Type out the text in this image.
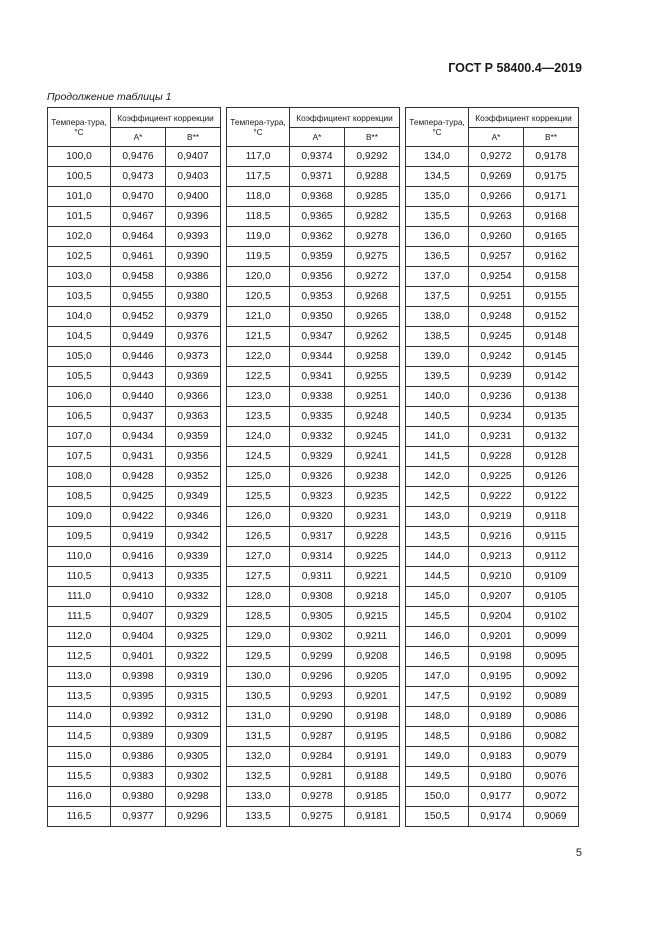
ГОСТ Р 58400.4—2019
Продолжение таблицы 1
Темпера-тура, °С	Коэффициент коррекции	
	A*	B**
100,0	0,9476	0,9407
100,5	0,9473	0,9403
101,0	0,9470	0,9400
101,5	0,9467	0,9396
102,0	0,9464	0,9393
102,5	0,9461	0,9390
103,0	0,9458	0,9386
103,5	0,9455	0,9380
104,0	0,9452	0,9379
104,5	0,9449	0,9376
105,0	0,9446	0,9373
105,5	0,9443	0,9369
106,0	0,9440	0,9366
106,5	0,9437	0,9363
107,0	0,9434	0,9359
107,5	0,9431	0,9356
108,0	0,9428	0,9352
108,5	0,9425	0,9349
109,0	0,9422	0,9346
109,5	0,9419	0,9342
110,0	0,9416	0,9339
110,5	0,9413	0,9335
111,0	0,9410	0,9332
111,5	0,9407	0,9329
112,0	0,9404	0,9325
112,5	0,9401	0,9322
113,0	0,9398	0,9319
113,5	0,9395	0,9315
114,0	0,9392	0,9312
114,5	0,9389	0,9309
115,0	0,9386	0,9305
115,5	0,9383	0,9302
116,0	0,9380	0,9298
116,5	0,9377	0,9296
Темпера-тура, °С	Коэффициент коррекции	
	A*	B**
117,0	0,9374	0,9292
117,5	0,9371	0,9288
118,0	0,9368	0,9285
118,5	0,9365	0,9282
119,0	0,9362	0,9278
119,5	0,9359	0,9275
120,0	0,9356	0,9272
120,5	0,9353	0,9268
121,0	0,9350	0,9265
121,5	0,9347	0,9262
122,0	0,9344	0,9258
122,5	0,9341	0,9255
123,0	0,9338	0,9251
123,5	0,9335	0,9248
124,0	0,9332	0,9245
124,5	0,9329	0,9241
125,0	0,9326	0,9238
125,5	0,9323	0,9235
126,0	0,9320	0,9231
126,5	0,9317	0,9228
127,0	0,9314	0,9225
127,5	0,9311	0,9221
128,0	0,9308	0,9218
128,5	0,9305	0,9215
129,0	0,9302	0,9211
129,5	0,9299	0,9208
130,0	0,9296	0,9205
130,5	0,9293	0,9201
131,0	0,9290	0,9198
131,5	0,9287	0,9195
132,0	0,9284	0,9191
132,5	0,9281	0,9188
133,0	0,9278	0,9185
133,5	0,9275	0,9181
Темпера-тура, °С	Коэффициент коррекции	
	A*	B**
134,0	0,9272	0,9178
134,5	0,9269	0,9175
135,0	0,9266	0,9171
135,5	0,9263	0,9168
136,0	0,9260	0,9165
136,5	0,9257	0,9162
137,0	0,9254	0,9158
137,5	0,9251	0,9155
138,0	0,9248	0,9152
138,5	0,9245	0,9148
139,0	0,9242	0,9145
139,5	0,9239	0,9142
140,0	0,9236	0,9138
140,5	0,9234	0,9135
141,0	0,9231	0,9132
141,5	0,9228	0,9128
142,0	0,9225	0,9126
142,5	0,9222	0,9122
143,0	0,9219	0,9118
143,5	0,9216	0,9115
144,0	0,9213	0,9112
144,5	0,9210	0,9109
145,0	0,9207	0,9105
145,5	0,9204	0,9102
146,0	0,9201	0,9099
146,5	0,9198	0,9095
147,0	0,9195	0,9092
147,5	0,9192	0,9089
148,0	0,9189	0,9086
148,5	0,9186	0,9082
149,0	0,9183	0,9079
149,5	0,9180	0,9076
150,0	0,9177	0,9072
150,5	0,9174	0,9069
5
